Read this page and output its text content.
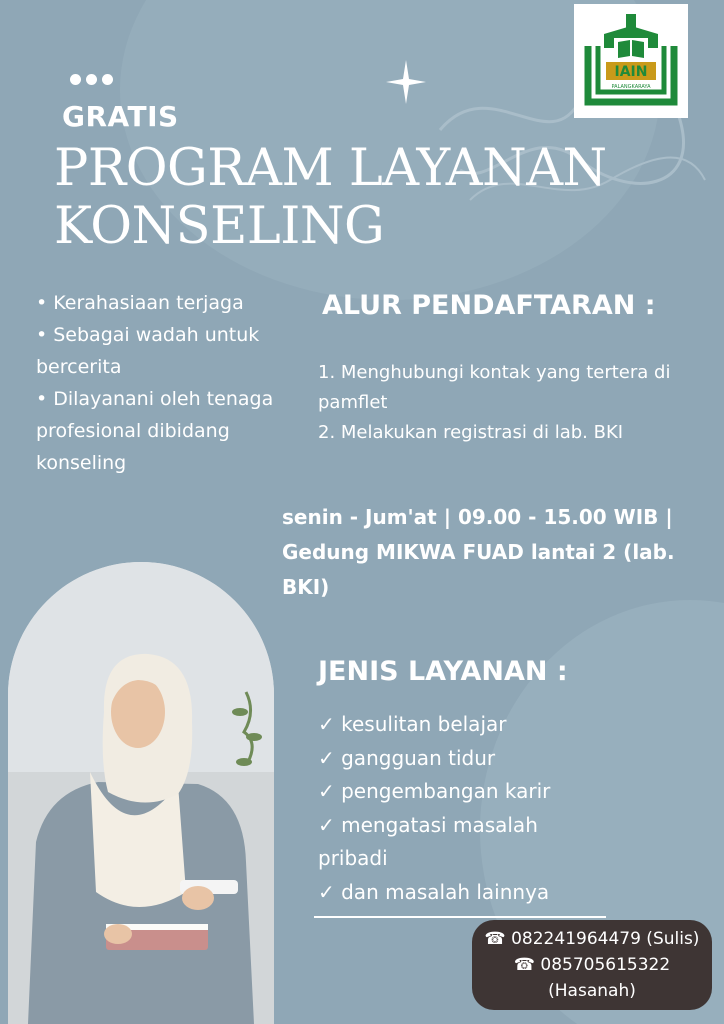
IAIN
PALANGKARAYA
GRATIS
PROGRAM LAYANAN
KONSELING
• Kerahasiaan terjaga
• Sebagai wadah untuk bercerita
• Dilayanani oleh tenaga profesional dibidang konseling
ALUR PENDAFTARAN :
1. Menghubungi kontak yang tertera di pamflet
2. Melakukan registrasi di lab. BKI
senin - Jum'at | 09.00 - 15.00 WIB | Gedung MIKWA FUAD lantai 2 (lab. BKI)
JENIS LAYANAN :
✓ kesulitan belajar
✓ gangguan tidur
✓ pengembangan karir
✓ mengatasi masalah pribadi
✓ dan masalah lainnya
☎ 082241964479 (Sulis)
☎ 085705615322
(Hasanah)
